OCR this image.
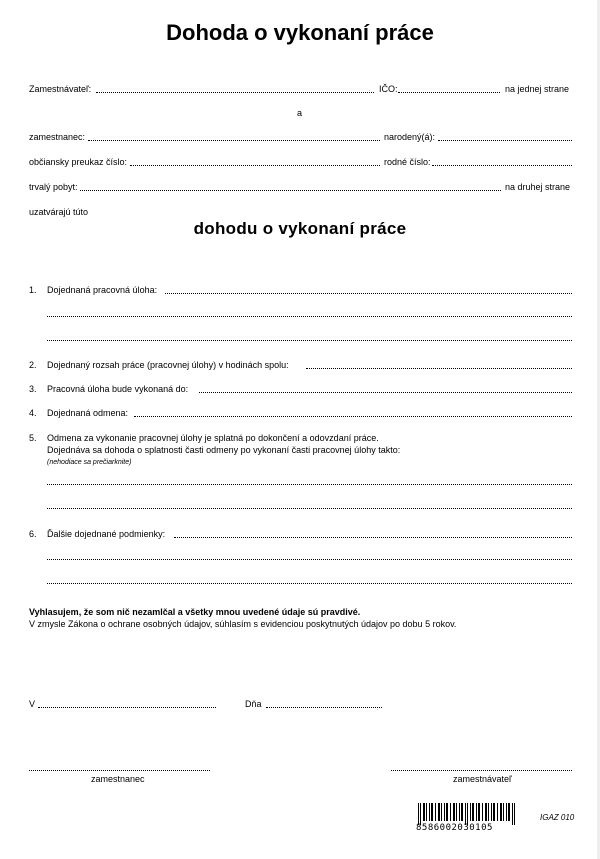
Dohoda o vykonaní práce
Zamestnávateľ:	IČO:	na jednej strane
a
zamestnanec:	narodený(á):
občiansky preukaz číslo:	rodné číslo:
trvalý pobyt:	na druhej strane
uzatvárajú túto
dohodu o vykonaní práce
1. Dojednaná pracovná úloha:
2. Dojednaný rozsah práce (pracovnej úlohy) v hodinách spolu:
3. Pracovná úloha bude vykonaná do:
4. Dojednaná odmena:
5. Odmena za vykonanie pracovnej úlohy je splatná po dokončení a odovzdaní práce.
Dojednáva sa dohoda o splatnosti časti odmeny po vykonaní časti pracovnej úlohy takto:
(nehodiace sa prečiarknite)
6. Ďalšie dojednané podmienky:
Vyhlasujem, že som nič nezamlčal a všetky mnou uvedené údaje sú pravdivé.
V zmysle Zákona o ochrane osobných údajov, súhlasím s evidenciou poskytnutých údajov po dobu 5 rokov.
V	Dňa
zamestnanec	zamestnávateľ
8586002030105
IGAZ 010
